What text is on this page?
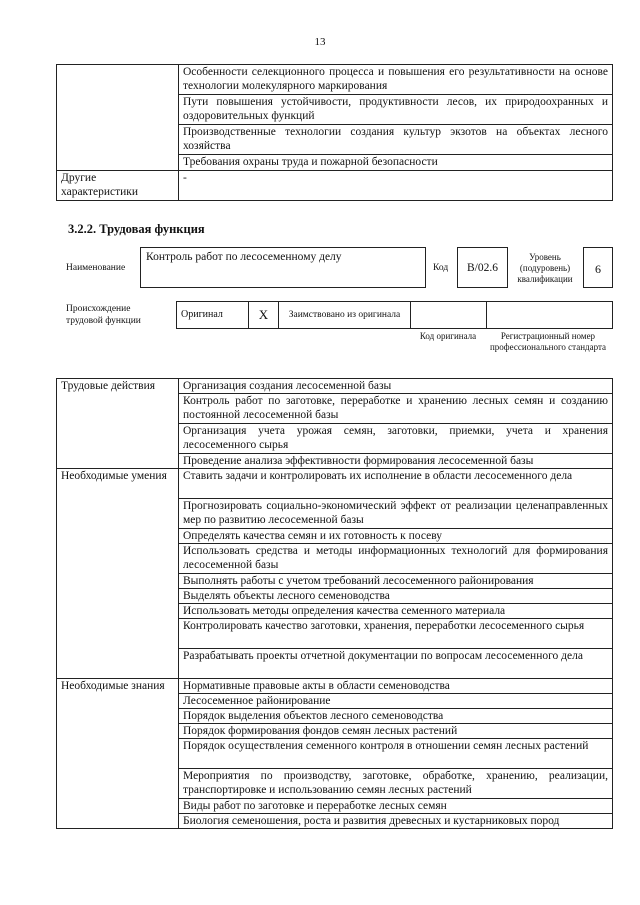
13
	Особенности селекционного процесса и повышения его результативности на основе технологии молекулярного маркирования
	Пути повышения устойчивости, продуктивности лесов, их природоохранных и оздоровительных функций
	Производственные технологии создания культур экзотов на объектах лесного хозяйства
	Требования охраны труда и пожарной безопасности
Другие характеристики	-
3.2.2. Трудовая функция
Наименование
Контроль работ по лесосеменному делу
Код	В/02.6
Уровень (подуровень) квалификации
6
Происхождение трудовой функции
Оригинал	X	Заимствовано из оригинала		
Код оригинала	Регистрационный номер профессионального стандарта
Трудовые действия	Организация создания лесосеменной базы
	Контроль работ по заготовке, переработке и хранению лесных семян и созданию постоянной лесосеменной базы
	Организация учета урожая семян, заготовки, приемки, учета и хранения лесосеменного сырья
	Проведение анализа эффективности формирования лесосеменной базы
Необходимые умения	Ставить задачи и контролировать их исполнение в области лесосеменного дела
	Прогнозировать социально-экономический эффект от реализации целенаправленных мер по развитию лесосеменной базы
	Определять качества семян и их готовность к посеву
	Использовать средства и методы информационных технологий для формирования лесосеменной базы
	Выполнять работы с учетом требований лесосеменного районирования
	Выделять объекты лесного семеноводства
	Использовать методы определения качества семенного материала
	Контролировать качество заготовки, хранения, переработки лесосеменного сырья
	Разрабатывать проекты отчетной документации по вопросам лесосеменного дела
Необходимые знания	Нормативные правовые акты в области семеноводства
	Лесосеменное районирование
	Порядок выделения объектов лесного семеноводства
	Порядок формирования фондов семян лесных растений
	Порядок осуществления семенного контроля в отношении семян лесных растений
	Мероприятия по производству, заготовке, обработке, хранению, реализации, транспортировке и использованию семян лесных растений
	Виды работ по заготовке и переработке лесных семян
	Биология семеношения, роста и развития древесных и кустарниковых пород
